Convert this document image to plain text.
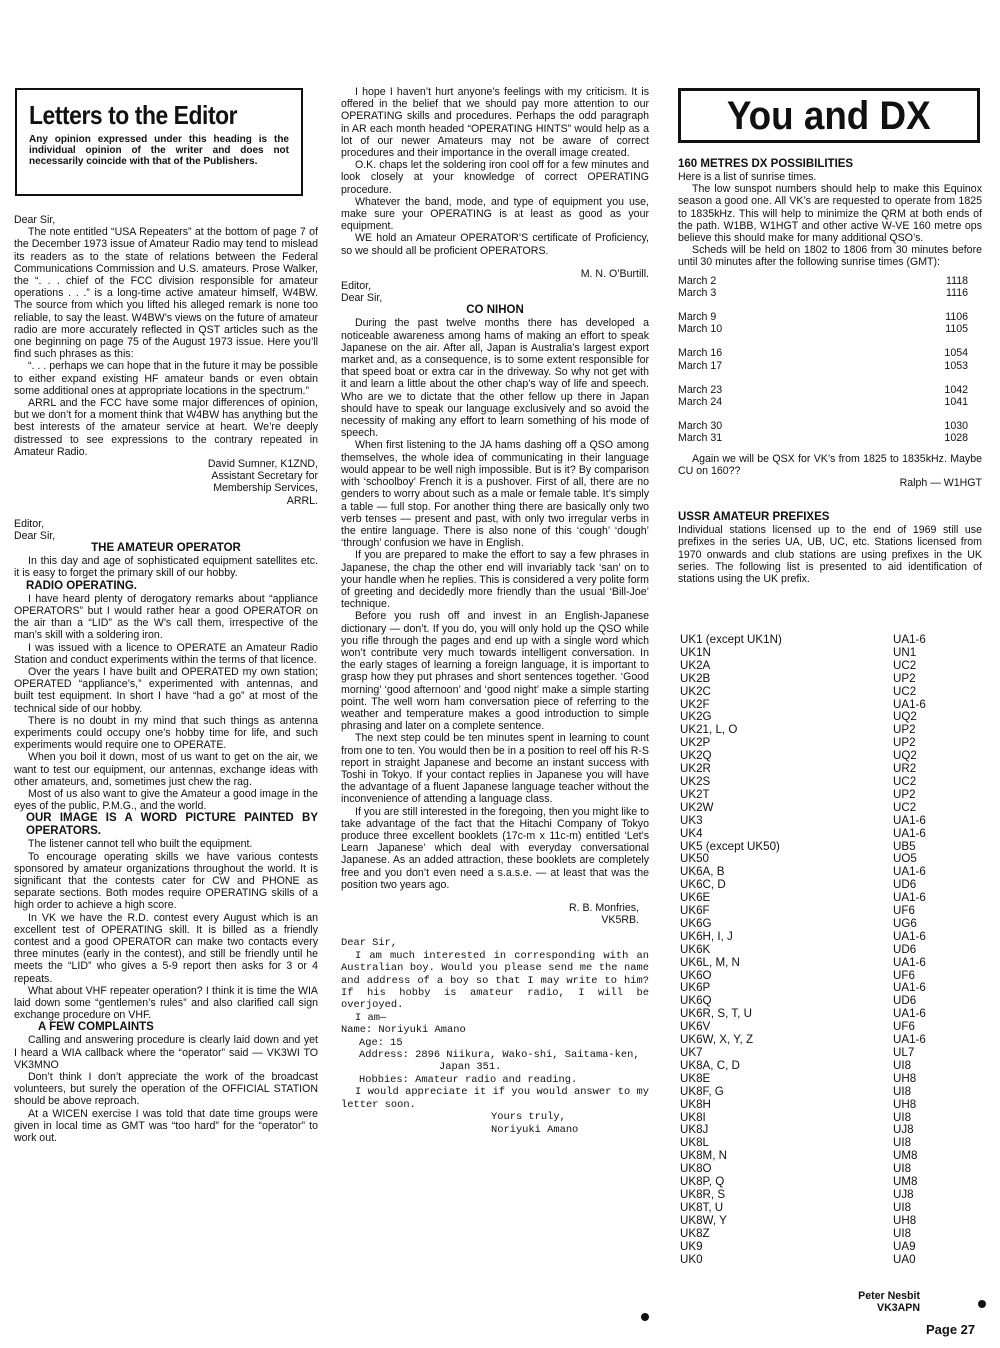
Letters to the Editor
Any opinion expressed under this heading is the individual opinion of the writer and does not necessarily coincide with that of the Publishers.
You and DX

Dear Sir,

The note entitled “USA Repeaters” at the bottom of page 7 of the December 1973 issue of Amateur Radio may tend to mislead its readers as to the state of relations between the Federal Communications Commission and U.S. amateurs. Prose Walker, the “. . . chief of the FCC division responsible for amateur operations . . .” is a long-time active amateur himself, W4BW. The source from which you lifted his alleged remark is none too reliable, to say the least. W4BW’s views on the future of amateur radio are more accurately reflected in QST articles such as the one beginning on page 75 of the August 1973 issue. Here you’ll find such phrases as this:

“. . . perhaps we can hope that in the future it may be possible to either expand existing HF amateur bands or even obtain some additional ones at appropriate locations in the spectrum.”

ARRL and the FCC have some major differences of opinion, but we don’t for a moment think that W4BW has anything but the best interests of the amateur service at heart. We’re deeply distressed to see expressions to the contrary repeated in Amateur Radio.

David Sumner, K1ZND,

Assistant Secretary for

Membership Services,

ARRL.

Editor,

Dear Sir,

THE AMATEUR OPERATOR

In this day and age of sophisticated equipment satellites etc. it is easy to forget the primary skill of our hobby.

RADIO OPERATING.

I have heard plenty of derogatory remarks about “appliance OPERATORS” but I would rather hear a good OPERATOR on the air than a “LID” as the W’s call them, irrespective of the man’s skill with a soldering iron.

I was issued with a licence to OPERATE an Amateur Radio Station and conduct experiments within the terms of that licence.

Over the years I have built and OPERATED my own station; OPERATED “appliance’s,” experimented with antennas, and built test equipment. In short I have “had a go” at most of the technical side of our hobby.

There is no doubt in my mind that such things as antenna experiments could occupy one’s hobby time for life, and such experiments would require one to OPERATE.

When you boil it down, most of us want to get on the air, we want to test our equipment, our antennas, exchange ideas with other amateurs, and, sometimes just chew the rag.

Most of us also want to give the Amateur a good image in the eyes of the public, P.M.G., and the world.

OUR IMAGE IS A WORD PICTURE PAINTED BY OPERATORS.

The listener cannot tell who built the equipment.

To encourage operating skills we have various contests sponsored by amateur organizations throughout the world. It is significant that the contests cater for CW and PHONE as separate sections. Both modes require OPERATING skills of a high order to achieve a high score.

In VK we have the R.D. contest every August which is an excellent test of OPERATING skill. It is billed as a friendly contest and a good OPERATOR can make two contacts every three minutes (early in the contest), and still be friendly until he meets the “LID” who gives a 5-9 report then asks for 3 or 4 repeats.

What about VHF repeater operation? I think it is time the WIA laid down some “gentlemen’s rules” and also clarified call sign exchange procedure on VHF.

A FEW COMPLAINTS

Calling and answering procedure is clearly laid down and yet I heard a WIA callback where the “operator” said — VK3WI TO VK3MNO

Don’t think I don’t appreciate the work of the broadcast volunteers, but surely the operation of the OFFICIAL STATION should be above reproach.

At a WICEN exercise I was told that date time groups were given in local time as GMT was “too hard” for the “operator” to work out.

I hope I haven’t hurt anyone’s feelings with my criticism. It is offered in the belief that we should pay more attention to our OPERATING skills and procedures. Perhaps the odd paragraph in AR each month headed “OPERATING HINTS” would help as a lot of our newer Amateurs may not be aware of correct procedures and their importance in the overall image created.

O.K. chaps let the soldering iron cool off for a few minutes and look closely at your knowledge of correct OPERATING procedure.

Whatever the band, mode, and type of equipment you use, make sure your OPERATING is at least as good as your equipment.

WE hold an Amateur OPERATOR’S certificate of Proficiency, so we should all be proficient OPERATORS.

M. N. O’Burtill.

Editor,

Dear Sir,

CO NIHON

During the past twelve months there has developed a noticeable awareness among hams of making an effort to speak Japanese on the air. After all, Japan is Australia’s largest export market and, as a consequence, is to some extent responsible for that speed boat or extra car in the driveway. So why not get with it and learn a little about the other chap’s way of life and speech. Who are we to dictate that the other fellow up there in Japan should have to speak our language exclusively and so avoid the necessity of making any effort to learn something of his mode of speech.

When first listening to the JA hams dashing off a QSO among themselves, the whole idea of communicating in their language would appear to be well nigh impossible. But is it? By comparison with ‘schoolboy’ French it is a pushover. First of all, there are no genders to worry about such as a male or female table. It’s simply a table — full stop. For another thing there are basically only two verb tenses — present and past, with only two irregular verbs in the entire language. There is also none of this ‘cough’ ‘dough’ ‘through’ confusion we have in English.

If you are prepared to make the effort to say a few phrases in Japanese, the chap the other end will invariably tack ‘san’ on to your handle when he replies. This is considered a very polite form of greeting and decidedly more friendly than the usual ‘Bill-Joe’ technique.

Before you rush off and invest in an English-Japanese dictionary — don’t. If you do, you will only hold up the QSO while you rifle through the pages and end up with a single word which won’t contribute very much towards intelligent conversation. In the early stages of learning a foreign language, it is important to grasp how they put phrases and short sentences together. ‘Good morning’ ‘good afternoon’ and ‘good night’ make a simple starting point. The well worn ham conversation piece of referring to the weather and temperature makes a good introduction to simple phrasing and later on a complete sentence.

The next step could be ten minutes spent in learning to count from one to ten. You would then be in a position to reel off his R-S report in straight Japanese and become an instant success with Toshi in Tokyo. If your contact replies in Japanese you will have the advantage of a fluent Japanese language teacher without the inconvenience of attending a language class.

If you are still interested in the foregoing, then you might like to take advantage of the fact that the Hitachi Company of Tokyo produce three excellent booklets (17c-m x 11c-m) entitled ‘Let’s Learn Japanese’ which deal with everyday conversational Japanese. As an added attraction, these booklets are completely free and you don’t even need a s.a.s.e. — at least that was the position two years ago.

R. B. Monfries,

VK5RB.

Dear Sir,

I am much interested in corresponding with an Australian boy. Would you please send me the name and address of a boy so that I may write to him? If his hobby is amateur radio, I will be overjoyed.

I am—

Name: Noriyuki Amano

Age: 15

Address: 2896 Niikura, Wako-shi, Saitama-ken,

Japan 351.

Hobbies: Amateur radio and reading.

I would appreciate it if you would answer to my letter soon.

Yours truly,

Noriyuki Amano

160 METRES DX POSSIBILITIES

Here is a list of sunrise times.

The low sunspot numbers should help to make this Equinox season a good one. All VK’s are requested to operate from 1825 to 1835kHz. This will help to minimize the QRM at both ends of the path. W1BB, W1HGT and other active W-VE 160 metre ops believe this should make for many additional QSO’s.

Scheds will be held on 1802 to 1806 from 30 minutes before until 30 minutes after the following sunrise times (GMT):

March 2	1118
March 3	1116
March 9	1106
March 10	1105
March 16	1054
March 17	1053
March 23	1042
March 24	1041
March 30	1030
March 31	1028

Again we will be QSX for VK’s from 1825 to 1835kHz. Maybe CU on 160??

Ralph — W1HGT

USSR AMATEUR PREFIXES

Individual stations licensed up to the end of 1969 still use prefixes in the series UA, UB, UC, etc. Stations licensed from 1970 onwards and club stations are using prefixes in the UK series. The following list is presented to aid identification of stations using the UK prefix.

UK1 (except UK1N)	UA1-6
UK1N	UN1
UK2A	UC2
UK2B	UP2
UK2C	UC2
UK2F	UA1-6
UK2G	UQ2
UK21, L, O	UP2
UK2P	UP2
UK2Q	UQ2
UK2R	UR2
UK2S	UC2
UK2T	UP2
UK2W	UC2
UK3	UA1-6
UK4	UA1-6
UK5 (except UK50)	UB5
UK50	UO5
UK6A, B	UA1-6
UK6C, D	UD6
UK6E	UA1-6
UK6F	UF6
UK6G	UG6
UK6H, I, J	UA1-6
UK6K	UD6
UK6L, M, N	UA1-6
UK6O	UF6
UK6P	UA1-6
UK6Q	UD6
UK6R, S, T, U	UA1-6
UK6V	UF6
UK6W, X, Y, Z	UA1-6
UK7	UL7
UK8A, C, D	UI8
UK8E	UH8
UK8F, G	UI8
UK8H	UH8
UK8I	UI8
UK8J	UJ8
UK8L	UI8
UK8M, N	UM8
UK8O	UI8
UK8P, Q	UM8
UK8R, S	UJ8
UK8T, U	UI8
UK8W, Y	UH8
UK8Z	UI8
UK9	UA9
UK0	UA0
Peter Nesbit
VK3APN
Page 27
